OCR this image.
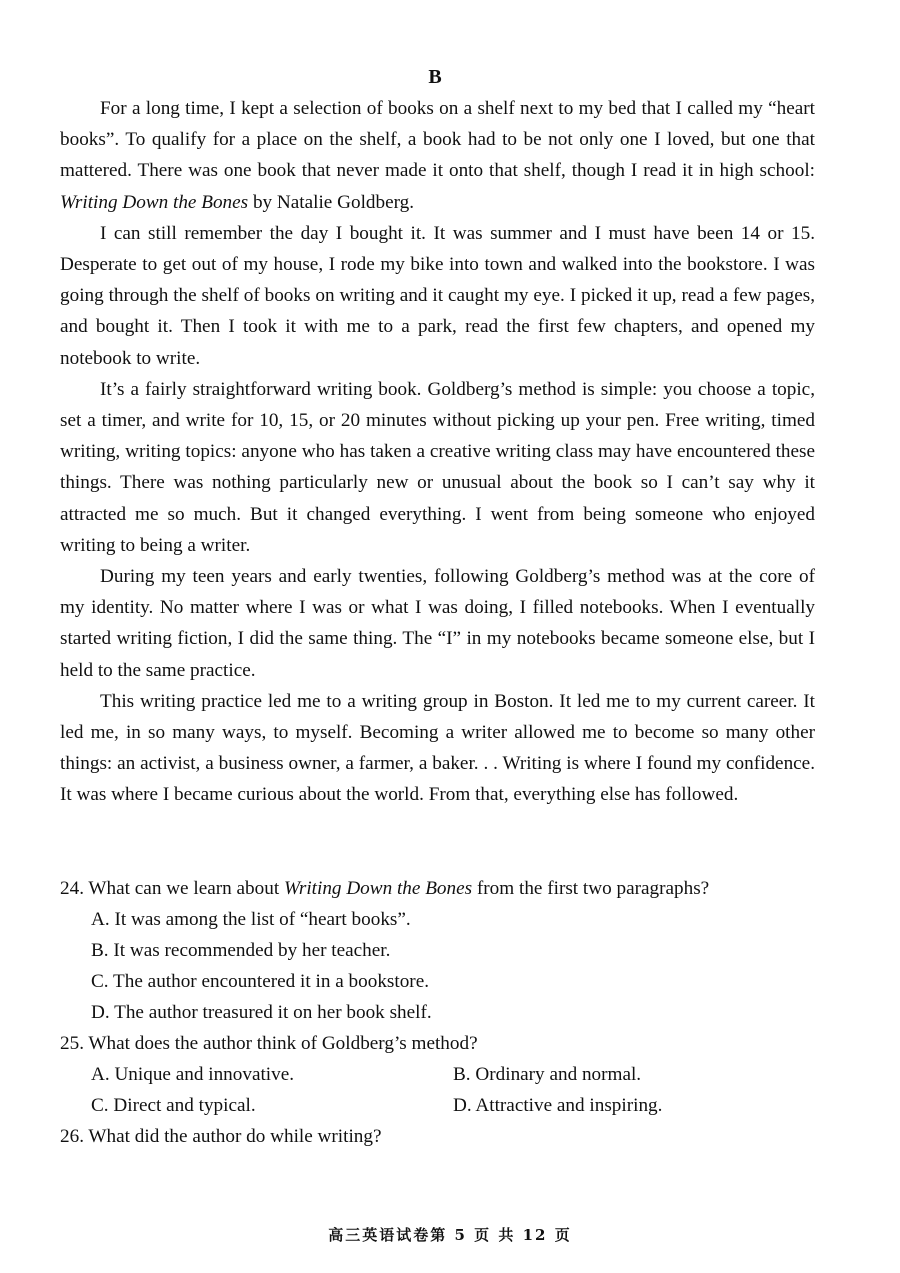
B

For a long time, I kept a selection of books on a shelf next to my bed that I called my “heart books”. To qualify for a place on the shelf, a book had to be not only one I loved, but one that mattered. There was one book that never made it onto that shelf, though I read it in high school: Writing Down the Bones by Natalie Goldberg.

I can still remember the day I bought it. It was summer and I must have been 14 or 15. Desperate to get out of my house, I rode my bike into town and walked into the bookstore. I was going through the shelf of books on writing and it caught my eye. I picked it up, read a few pages, and bought it. Then I took it with me to a park, read the first few chapters, and opened my notebook to write.

It’s a fairly straightforward writing book. Goldberg’s method is simple: you choose a topic, set a timer, and write for 10, 15, or 20 minutes without picking up your pen. Free writing, timed writing, writing topics: anyone who has taken a creative writing class may have encountered these things. There was nothing particularly new or unusual about the book so I can’t say why it attracted me so much. But it changed everything. I went from being someone who enjoyed writing to being a writer.

During my teen years and early twenties, following Goldberg’s method was at the core of my identity. No matter where I was or what I was doing, I filled notebooks. When I eventually started writing fiction, I did the same thing. The “I” in my notebooks became someone else, but I held to the same practice.

This writing practice led me to a writing group in Boston. It led me to my current career. It led me, in so many ways, to myself. Becoming a writer allowed me to become so many other things: an activist, a business owner, a farmer, a baker. . . Writing is where I found my confidence. It was where I became curious about the world. From that, everything else has followed.

24. What can we learn about Writing Down the Bones from the first two paragraphs?

A. It was among the list of “heart books”.

B. It was recommended by her teacher.

C. The author encountered it in a bookstore.

D. The author treasured it on her book shelf.

25. What does the author think of Goldberg’s method?

A. Unique and innovative.	B. Ordinary and normal.
C. Direct and typical.	D. Attractive and inspiring.

26. What did the author do while writing?

高三英语试卷第 5 页 共 12 页
